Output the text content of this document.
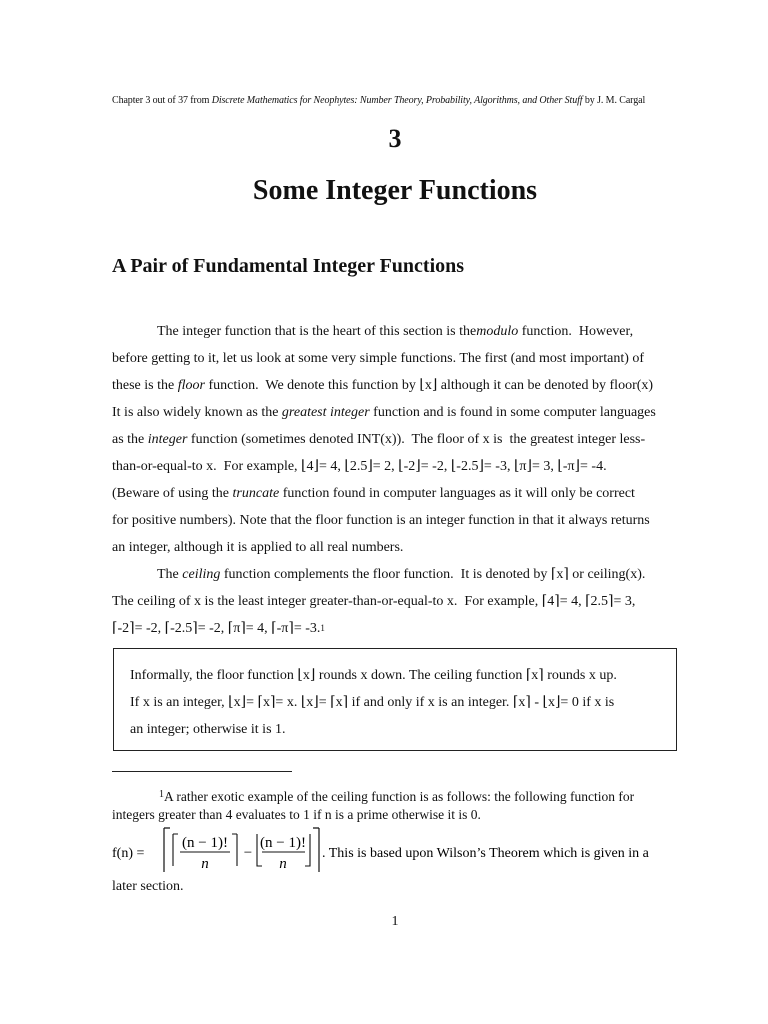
Chapter 3 out of 37 from Discrete Mathematics for Neophytes: Number Theory, Probability, Algorithms, and Other Stuff by J. M. Cargal
3
Some Integer Functions
A Pair of Fundamental Integer Functions
The integer function that is the heart of this section is the modulo function.  However,
before getting to it, let us look at some very simple functions. The first (and most important) of
these is the floor function.  We denote this function by ⌊x⌋ although it can be denoted by floor(x)
It is also widely known as the greatest integer function and is found in some computer languages
as the integer function (sometimes denoted INT(x)).  The floor of x is  the greatest integer less-
than-or-equal-to x.  For example, ⌊4⌋= 4, ⌊2.5⌋= 2, ⌊-2⌋= -2, ⌊-2.5⌋= -3, ⌊π⌋= 3, ⌊-π⌋= -4.
(Beware of using the truncate function found in computer languages as it will only be correct
for positive numbers). Note that the floor function is an integer function in that it always returns
an integer, although it is applied to all real numbers.
The ceiling function complements the floor function.  It is denoted by ⌈x⌉ or ceiling(x).
The ceiling of x is the least integer greater-than-or-equal-to x.  For example, ⌈4⌉= 4, ⌈2.5⌉= 3,
⌈-2⌉= -2, ⌈-2.5⌉= -2, ⌈π⌉= 4, ⌈-π⌉= -3. 1
Informally, the floor function ⌊x⌋ rounds x down. The ceiling function ⌈x⌉ rounds x up.
If x is an integer, ⌊x⌋= ⌈x⌉= x. ⌊x⌋= ⌈x⌉ if and only if x is an integer. ⌈x⌉ - ⌊x⌋= 0 if x is
an integer; otherwise it is 1.
$^1$A rather exotic example of the ceiling function is as follows: the following function for
integers greater than 4 evaluates to 1 if n is a prime otherwise it is 0.
f(n) =
(n − 1)!
n
−
(n − 1)!
n
. This is based upon Wilson’s Theorem which is given in a
later section.
1
